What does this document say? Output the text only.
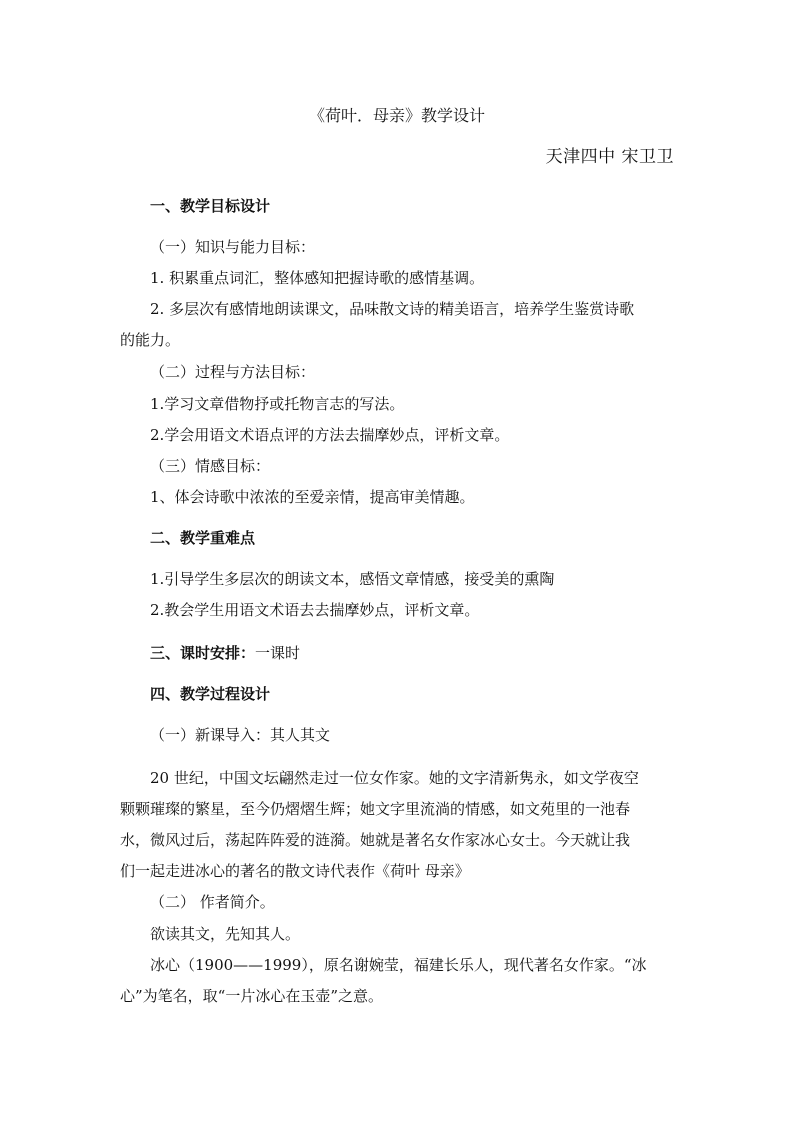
《荷叶．母亲》教学设计
天津四中 宋卫卫
一、教学目标设计
（一）知识与能力目标：
1. 积累重点词汇，整体感知把握诗歌的感情基调。
2. 多层次有感情地朗读课文，品味散文诗的精美语言，培养学生鉴赏诗歌
的能力。
（二）过程与方法目标：
1.学习文章借物抒或托物言志的写法。
2.学会用语文术语点评的方法去揣摩妙点，评析文章。
（三）情感目标：
1、体会诗歌中浓浓的至爱亲情，提高审美情趣。
二、教学重难点
1.引导学生多层次的朗读文本，感悟文章情感，接受美的熏陶
2.教会学生用语文术语去去揣摩妙点，评析文章。
三、课时安排：一课时
四、教学过程设计
（一）新课导入：其人其文
20 世纪，中国文坛翩然走过一位女作家。她的文字清新隽永，如文学夜空
颗颗璀璨的繁星，至今仍熠熠生辉；她文字里流淌的情感，如文苑里的一池春
水，微风过后，荡起阵阵爱的涟漪。她就是著名女作家冰心女士。今天就让我
们一起走进冰心的著名的散文诗代表作《荷叶 母亲》
（二） 作者简介。
欲读其文，先知其人。
冰心（1900——1999），原名谢婉莹，福建长乐人，现代著名女作家。“冰
心”为笔名，取“一片冰心在玉壶”之意。
